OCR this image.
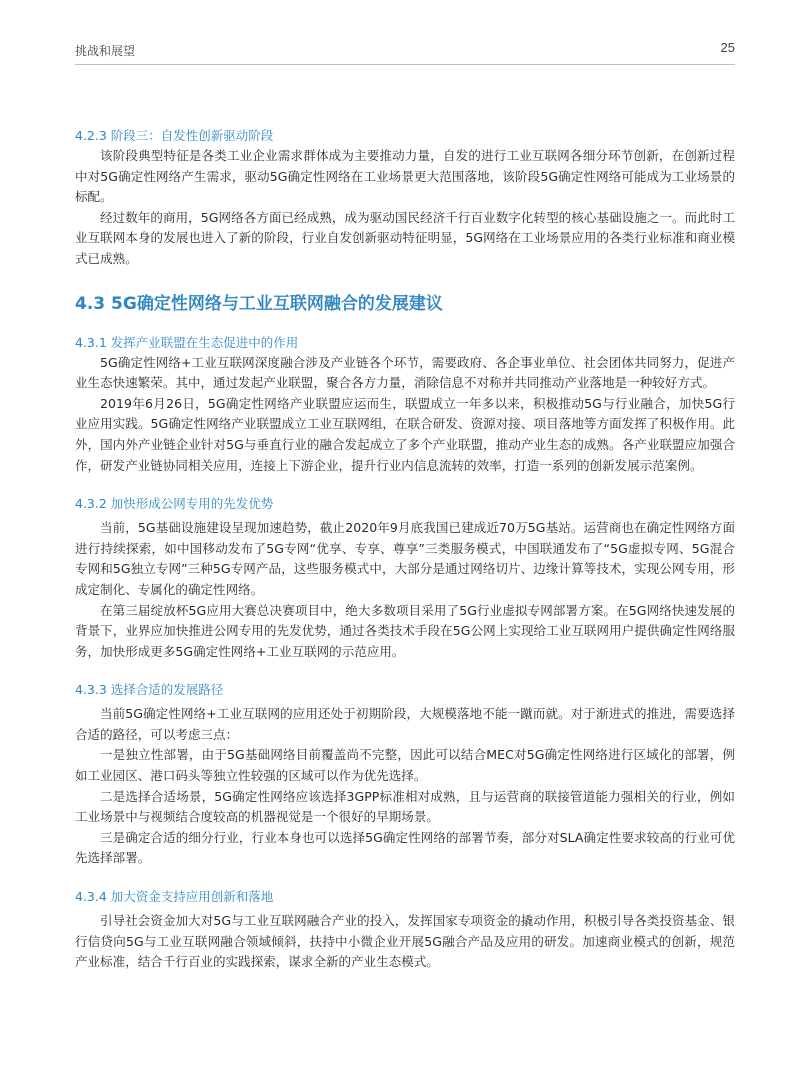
挑战和展望	25
4.2.3 阶段三：自发性创新驱动阶段

该阶段典型特征是各类工业企业需求群体成为主要推动力量，自发的进行工业互联网各细分环节创新，在创新过程中对5G确定性网络产生需求，驱动5G确定性网络在工业场景更大范围落地，该阶段5G确定性网络可能成为工业场景的标配。

经过数年的商用，5G网络各方面已经成熟，成为驱动国民经济千行百业数字化转型的核心基础设施之一。而此时工业互联网本身的发展也进入了新的阶段，行业自发创新驱动特征明显，5G网络在工业场景应用的各类行业标准和商业模式已成熟。

4.3 5G确定性网络与工业互联网融合的发展建议
4.3.1 发挥产业联盟在生态促进中的作用

5G确定性网络+工业互联网深度融合涉及产业链各个环节，需要政府、各企事业单位、社会团体共同努力，促进产业生态快速繁荣。其中，通过发起产业联盟，聚合各方力量，消除信息不对称并共同推动产业落地是一种较好方式。

2019年6月26日，5G确定性网络产业联盟应运而生，联盟成立一年多以来，积极推动5G与行业融合，加快5G行业应用实践。5G确定性网络产业联盟成立工业互联网组，在联合研发、资源对接、项目落地等方面发挥了积极作用。此外，国内外产业链企业针对5G与垂直行业的融合发起成立了多个产业联盟，推动产业生态的成熟。各产业联盟应加强合作，研发产业链协同相关应用，连接上下游企业，提升行业内信息流转的效率，打造一系列的创新发展示范案例。

4.3.2 加快形成公网专用的先发优势

当前，5G基础设施建设呈现加速趋势，截止2020年9月底我国已建成近70万5G基站。运营商也在确定性网络方面进行持续探索，如中国移动发布了5G专网“优享、专享、尊享”三类服务模式，中国联通发布了“5G虚拟专网、5G混合专网和5G独立专网”三种5G专网产品，这些服务模式中，大部分是通过网络切片、边缘计算等技术，实现公网专用，形成定制化、专属化的确定性网络。

在第三届绽放杯5G应用大赛总决赛项目中，绝大多数项目采用了5G行业虚拟专网部署方案。在5G网络快速发展的背景下，业界应加快推进公网专用的先发优势，通过各类技术手段在5G公网上实现给工业互联网用户提供确定性网络服务，加快形成更多5G确定性网络+工业互联网的示范应用。

4.3.3 选择合适的发展路径

当前5G确定性网络+工业互联网的应用还处于初期阶段，大规模落地不能一蹴而就。对于渐进式的推进，需要选择合适的路径，可以考虑三点：

一是独立性部署，由于5G基础网络目前覆盖尚不完整，因此可以结合MEC对5G确定性网络进行区域化的部署，例如工业园区、港口码头等独立性较强的区域可以作为优先选择。

二是选择合适场景，5G确定性网络应该选择3GPP标准相对成熟，且与运营商的联接管道能力强相关的行业，例如工业场景中与视频结合度较高的机器视觉是一个很好的早期场景。

三是确定合适的细分行业，行业本身也可以选择5G确定性网络的部署节奏，部分对SLA确定性要求较高的行业可优先选择部署。

4.3.4 加大资金支持应用创新和落地

引导社会资金加大对5G与工业互联网融合产业的投入，发挥国家专项资金的撬动作用，积极引导各类投资基金、银行信贷向5G与工业互联网融合领域倾斜，扶持中小微企业开展5G融合产品及应用的研发。加速商业模式的创新，规范产业标准，结合千行百业的实践探索，谋求全新的产业生态模式。
